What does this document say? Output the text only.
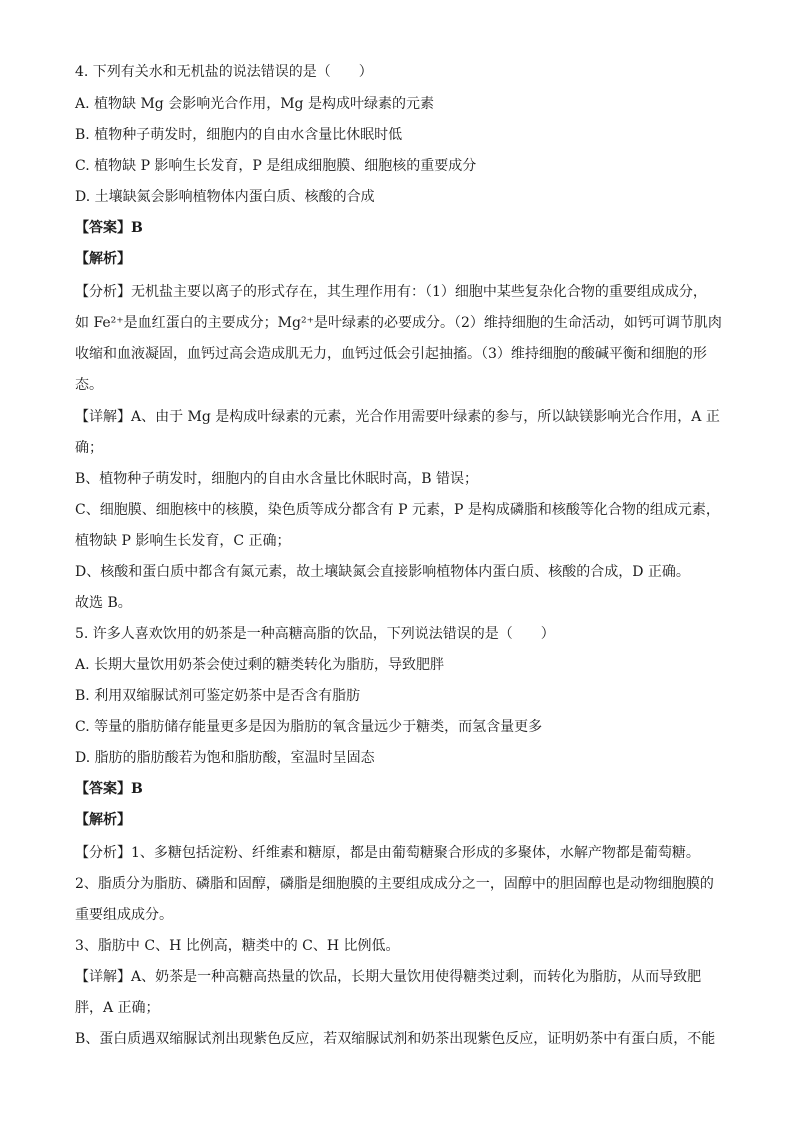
4. 下列有关水和无机盐的说法错误的是（　　）
A. 植物缺 Mg 会影响光合作用，Mg 是构成叶绿素的元素
B. 植物种子萌发时，细胞内的自由水含量比休眠时低
C. 植物缺 P 影响生长发育，P 是组成细胞膜、细胞核的重要成分
D. 土壤缺氮会影响植物体内蛋白质、核酸的合成
【答案】B
【解析】
【分析】无机盐主要以离子的形式存在，其生理作用有：（1）细胞中某些复杂化合物的重要组成成分，
如 Fe²⁺是血红蛋白的主要成分；Mg²⁺是叶绿素的必要成分。（2）维持细胞的生命活动，如钙可调节肌肉
收缩和血液凝固，血钙过高会造成肌无力，血钙过低会引起抽搐。（3）维持细胞的酸碱平衡和细胞的形
态。
【详解】A、由于 Mg 是构成叶绿素的元素，光合作用需要叶绿素的参与，所以缺镁影响光合作用，A 正
确；
B、植物种子萌发时，细胞内的自由水含量比休眠时高，B 错误；
C、细胞膜、细胞核中的核膜，染色质等成分都含有 P 元素，P 是构成磷脂和核酸等化合物的组成元素，
植物缺 P 影响生长发育，C 正确；
D、核酸和蛋白质中都含有氮元素，故土壤缺氮会直接影响植物体内蛋白质、核酸的合成，D 正确。
故选 B。
5. 许多人喜欢饮用的奶茶是一种高糖高脂的饮品，下列说法错误的是（　　）
A. 长期大量饮用奶茶会使过剩的糖类转化为脂肪，导致肥胖
B. 利用双缩脲试剂可鉴定奶茶中是否含有脂肪
C. 等量的脂肪储存能量更多是因为脂肪的氧含量远少于糖类，而氢含量更多
D. 脂肪的脂肪酸若为饱和脂肪酸，室温时呈固态
【答案】B
【解析】
【分析】1、多糖包括淀粉、纤维素和糖原，都是由葡萄糖聚合形成的多聚体，水解产物都是葡萄糖。
2、脂质分为脂肪、磷脂和固醇，磷脂是细胞膜的主要组成成分之一，固醇中的胆固醇也是动物细胞膜的
重要组成成分。
3、脂肪中 C、H 比例高，糖类中的 C、H 比例低。
【详解】A、奶茶是一种高糖高热量的饮品，长期大量饮用使得糖类过剩，而转化为脂肪，从而导致肥
胖，A 正确；
B、蛋白质遇双缩脲试剂出现紫色反应，若双缩脲试剂和奶茶出现紫色反应，证明奶茶中有蛋白质，不能
